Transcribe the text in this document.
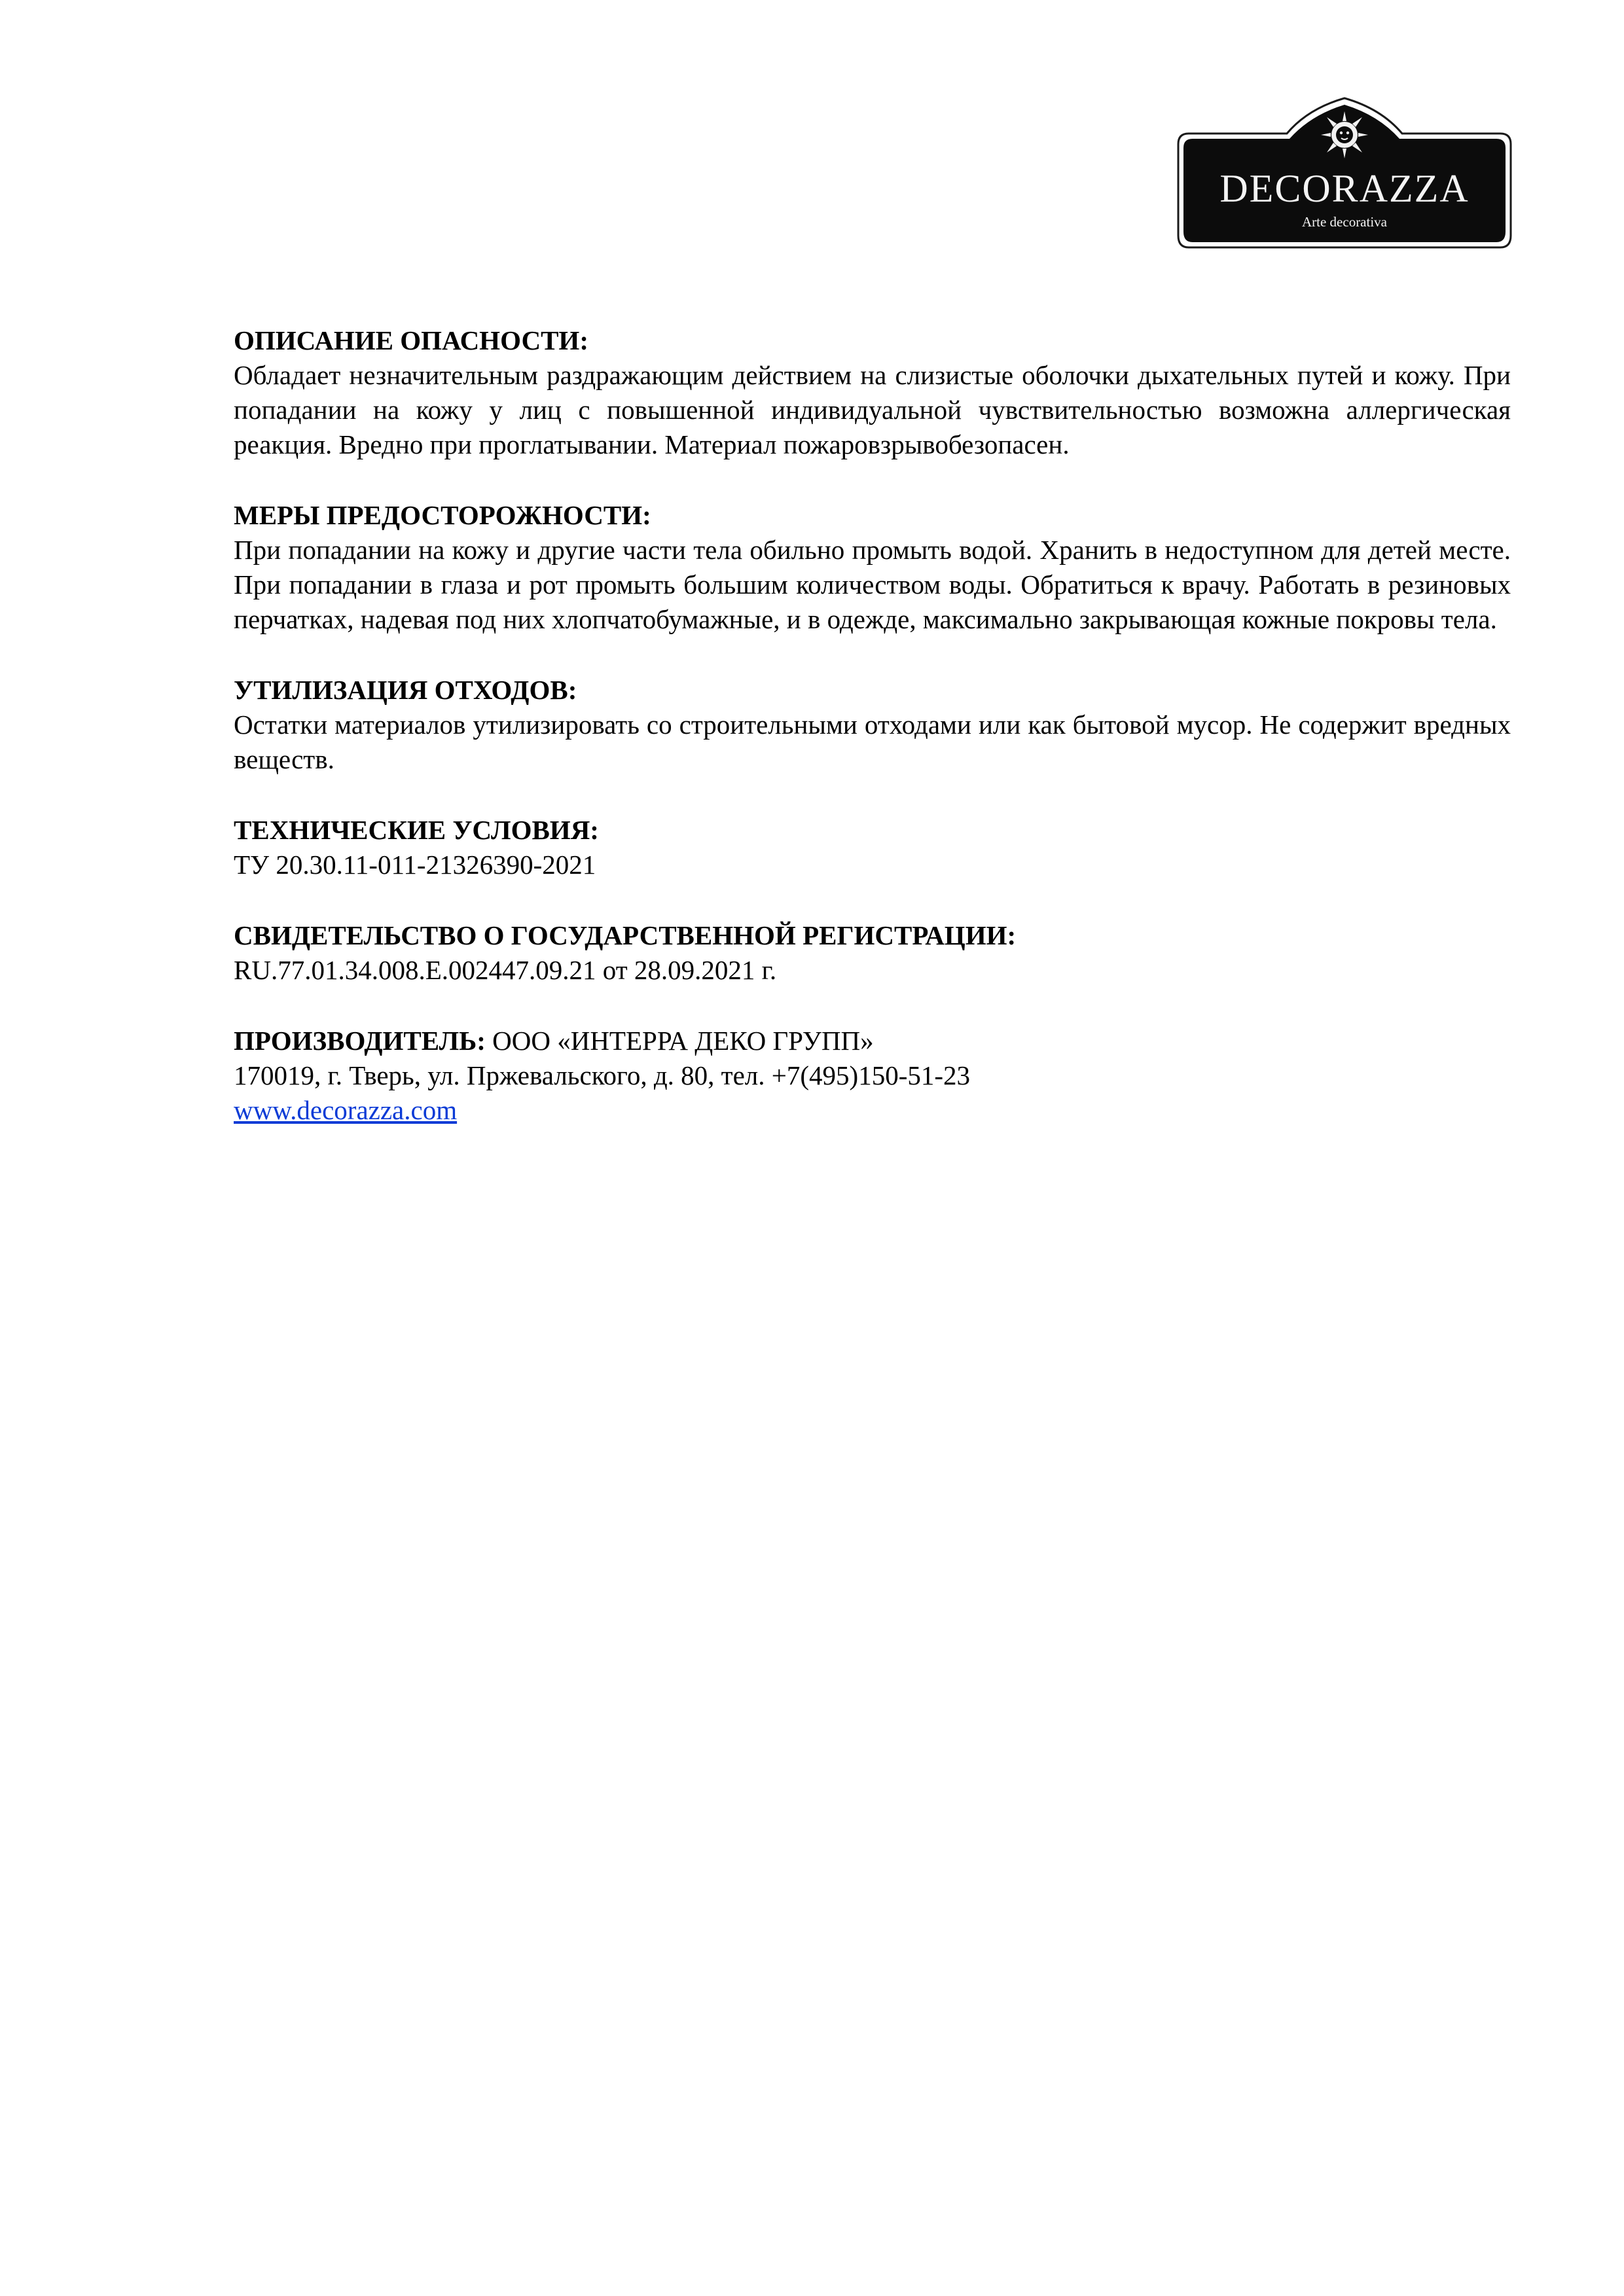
DECORAZZA
Arte decorativa

ОПИСАНИЕ ОПАСНОСТИ:

Обладает незначительным раздражающим действием на слизистые оболочки дыхательных путей и кожу. При попадании на кожу у лиц с повышенной индивидуальной чувствительностью возможна аллергическая реакция. Вредно при проглатывании. Материал пожаровзрывобезопасен.

МЕРЫ ПРЕДОСТОРОЖНОСТИ:

При попадании на кожу и другие части тела обильно промыть водой. Хранить в недоступном для детей месте. При попадании в глаза и рот промыть большим количеством воды. Обратиться к врачу. Работать в резиновых перчатках, надевая под них хлопчатобумажные, и в одежде, максимально закрывающая кожные покровы тела.

УТИЛИЗАЦИЯ ОТХОДОВ:

Остатки материалов утилизировать со строительными отходами или как бытовой мусор. Не содержит вредных веществ.

ТЕХНИЧЕСКИЕ УСЛОВИЯ:

ТУ 20.30.11-011-21326390-2021

СВИДЕТЕЛЬСТВО О ГОСУДАРСТВЕННОЙ РЕГИСТРАЦИИ:

RU.77.01.34.008.Е.002447.09.21 от 28.09.2021 г.

ПРОИЗВОДИТЕЛЬ: ООО «ИНТЕРРА ДЕКО ГРУПП»

170019, г. Тверь, ул. Пржевальского, д. 80, тел. +7(495)150-51-23

www.decorazza.com
